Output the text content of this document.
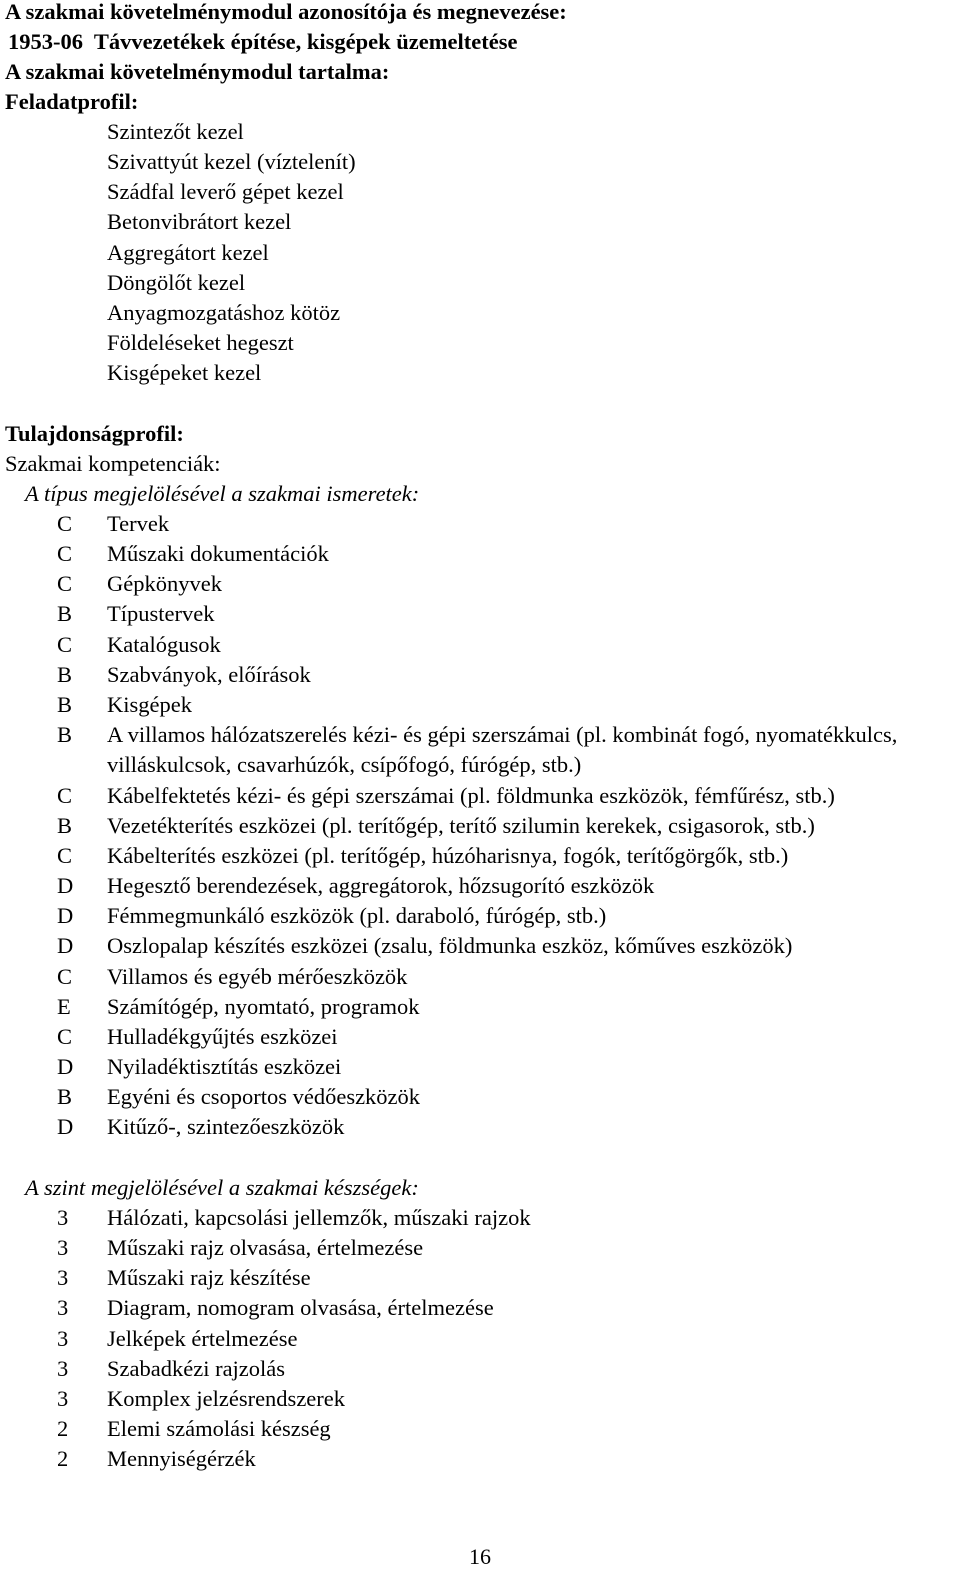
A szakmai követelménymodul azonosítója és megnevezése:
1953-06  Távvezetékek építése, kisgépek üzemeltetése
A szakmai követelménymodul tartalma:
Feladatprofil:
Szintezőt kezel
Szivattyút kezel (víztelenít)
Szádfal leverő gépet kezel
Betonvibrátort kezel
Aggregátort kezel
Döngölőt kezel
Anyagmozgatáshoz kötöz
Földeléseket hegeszt
Kisgépeket kezel
Tulajdonságprofil:
Szakmai kompetenciák:
A típus megjelölésével a szakmai ismeretek:
C	Tervek
C	Műszaki dokumentációk
C	Gépkönyvek
B	Típustervek
C	Katalógusok
B	Szabványok, előírások
B	Kisgépek
B	A villamos hálózatszerelés kézi- és gépi szerszámai (pl. kombinát fogó, nyomatékkulcs, villáskulcsok, csavarhúzók, csípőfogó, fúrógép, stb.)
C	Kábelfektetés kézi- és gépi szerszámai (pl. földmunka eszközök, fémfűrész, stb.)
B	Vezetékterítés eszközei (pl. terítőgép, terítő szilumin kerekek, csigasorok, stb.)
C	Kábelterítés eszközei (pl. terítőgép, húzóharisnya, fogók, terítőgörgők, stb.)
D	Hegesztő berendezések, aggregátorok, hőzsugorító eszközök
D	Fémmegmunkáló eszközök (pl. daraboló, fúrógép, stb.)
D	Oszlopalap készítés eszközei (zsalu, földmunka eszköz, kőműves eszközök)
C	Villamos és egyéb mérőeszközök
E	Számítógép, nyomtató, programok
C	Hulladékgyűjtés eszközei
D	Nyiladéktisztítás eszközei
B	Egyéni és csoportos védőeszközök
D	Kitűző-, szintezőeszközök
A szint megjelölésével a szakmai készségek:
3	Hálózati, kapcsolási jellemzők, műszaki rajzok
3	Műszaki rajz olvasása, értelmezése
3	Műszaki rajz készítése
3	Diagram, nomogram olvasása, értelmezése
3	Jelképek értelmezése
3	Szabadkézi rajzolás
3	Komplex jelzésrendszerek
2	Elemi számolási készség
2	Mennyiségérzék
16
